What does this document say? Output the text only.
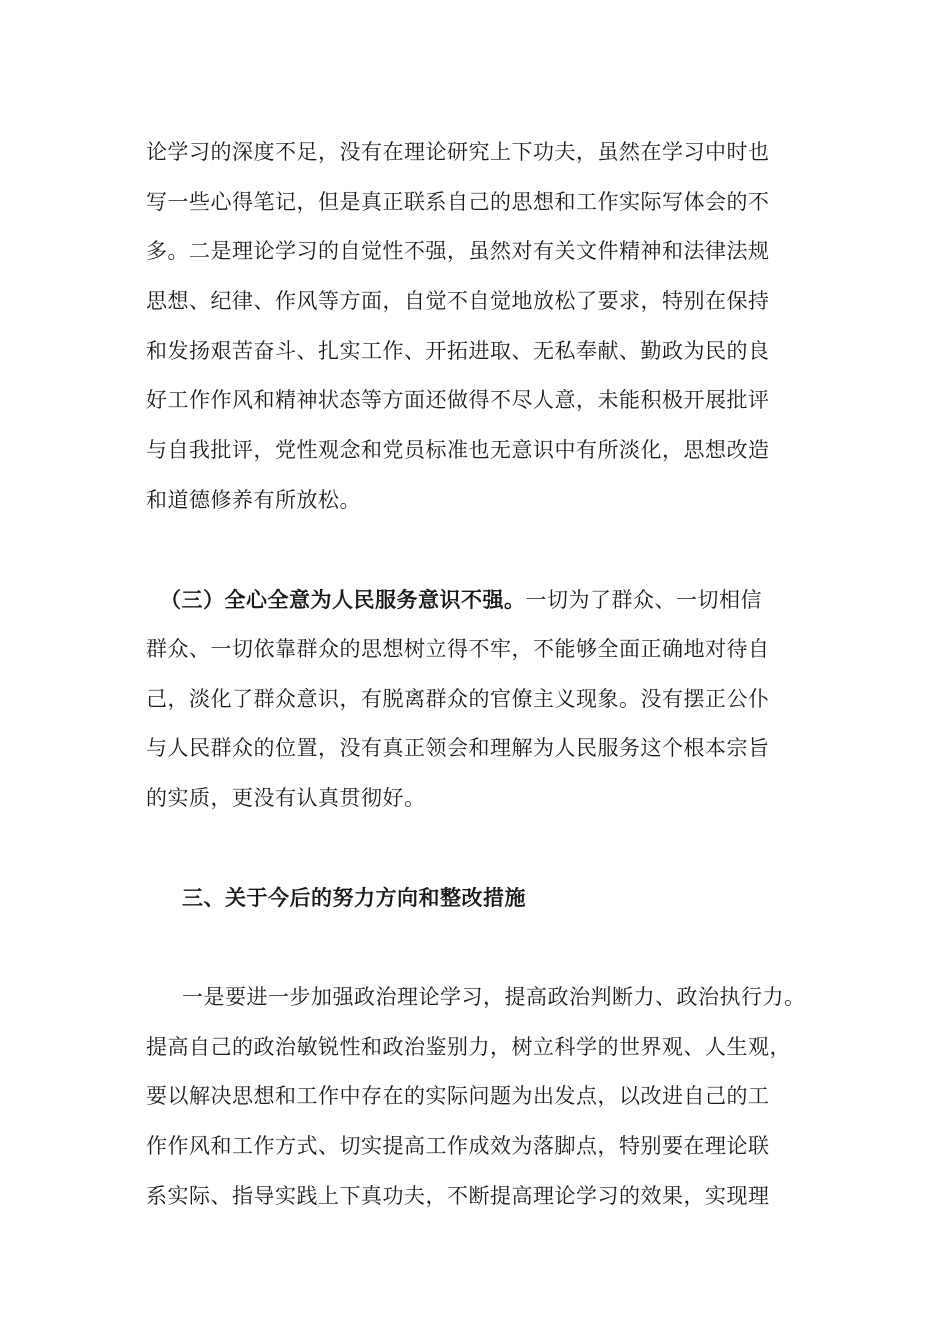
论学习的深度不足，没有在理论研究上下功夫，虽然在学习中时也
写一些心得笔记，但是真正联系自己的思想和工作实际写体会的不
多。二是理论学习的自觉性不强，虽然对有关文件精神和法律法规
思想、纪律、作风等方面，自觉不自觉地放松了要求，特别在保持
和发扬艰苦奋斗、扎实工作、开拓进取、无私奉献、勤政为民的良
好工作作风和精神状态等方面还做得不尽人意，未能积极开展批评
与自我批评，党性观念和党员标准也无意识中有所淡化，思想改造
和道德修养有所放松。
（三）全心全意为人民服务意识不强。一切为了群众、一切相信
群众、一切依靠群众的思想树立得不牢，不能够全面正确地对待自
己，淡化了群众意识，有脱离群众的官僚主义现象。没有摆正公仆
与人民群众的位置，没有真正领会和理解为人民服务这个根本宗旨
的实质，更没有认真贯彻好。
三、关于今后的努力方向和整改措施
一是要进一步加强政治理论学习，提高政治判断力、政治执行力。
提高自己的政治敏锐性和政治鉴别力，树立科学的世界观、人生观，
要以解决思想和工作中存在的实际问题为出发点，以改进自己的工
作作风和工作方式、切实提高工作成效为落脚点，特别要在理论联
系实际、指导实践上下真功夫，不断提高理论学习的效果，实现理
